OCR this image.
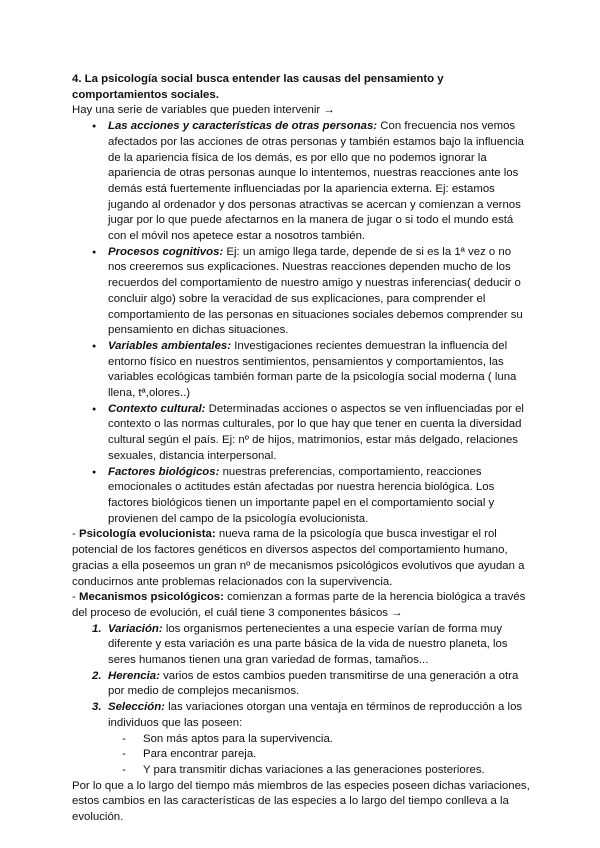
4. La psicología social busca entender las causas del pensamiento y comportamientos sociales.

Hay una serie de variables que pueden intervenir →

● Las acciones y características de otras personas: Con frecuencia nos vemos afectados por las acciones de otras personas y también estamos bajo la influencia de la apariencia física de los demás, es por ello que no podemos ignorar la apariencia de otras personas aunque lo intentemos, nuestras reacciones ante los demás está fuertemente influenciadas por la apariencia externa. Ej: estamos jugando al ordenador y dos personas atractivas se acercan y comienzan a vernos jugar por lo que puede afectarnos en la manera de jugar o si todo el mundo está con el móvil nos apetece estar a nosotros también.
● Procesos cognitivos: Ej: un amigo llega tarde, depende de si es la 1ª vez o no nos creeremos sus explicaciones. Nuestras reacciones dependen mucho de los recuerdos del comportamiento de nuestro amigo y nuestras inferencias( deducir o concluir algo) sobre la veracidad de sus explicaciones, para comprender el comportamiento de las personas en situaciones sociales debemos comprender su pensamiento en dichas situaciones.
● Variables ambientales: Investigaciones recientes demuestran la influencia del entorno físico en nuestros sentimientos, pensamientos y comportamientos, las variables ecológicas también forman parte de la psicología social moderna ( luna llena, tª,olores..)
● Contexto cultural: Determinadas acciones o aspectos se ven influenciadas por el contexto o las normas culturales, por lo que hay que tener en cuenta la diversidad cultural según el país. Ej: nº de hijos, matrimonios, estar más delgado, relaciones sexuales, distancia interpersonal.
● Factores biológicos: nuestras preferencias, comportamiento, reacciones emocionales o actitudes están afectadas por nuestra herencia biológica. Los factores biológicos tienen un importante papel en el comportamiento social y provienen del campo de la psicología evolucionista.

- Psicología evolucionista: nueva rama de la psicología que busca investigar el rol potencial de los factores genéticos en diversos aspectos del comportamiento humano, gracias a ella poseemos un gran nº de mecanismos psicológicos evolutivos que ayudan a conducirnos ante problemas relacionados con la supervivencia.

- Mecanismos psicológicos: comienzan a formas parte de la herencia biológica a través del proceso de evolución, el cuál tiene 3 componentes básicos →

1. Variación: los organismos pertenecientes a una especie varían de forma muy diferente y esta variación es una parte básica de la vida de nuestro planeta, los seres humanos tienen una gran variedad de formas, tamaños...
2. Herencia: varios de estos cambios pueden transmitirse de una generación a otra por medio de complejos mecanismos.
3. Selección: las variaciones otorgan una ventaja en términos de reproducción a los individuos que las poseen:
- Son más aptos para la supervivencia.
- Para encontrar pareja.
- Y para transmitir dichas variaciones a las generaciones posteriores.

Por lo que a lo largo del tiempo más miembros de las especies poseen dichas variaciones, estos cambios en las características de las especies a lo largo del tiempo conlleva a la evolución.
